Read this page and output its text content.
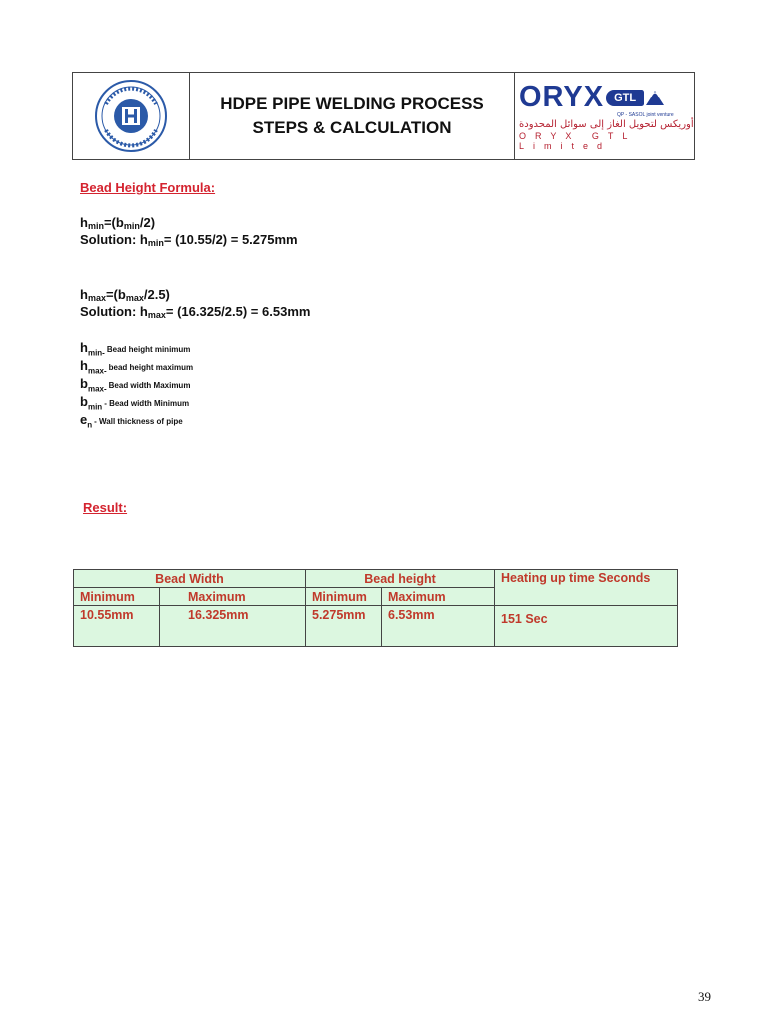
HDPE PIPE WELDING PROCESS
STEPS & CALCULATION
ORYX GTL
QP - SASOL joint venture
أوريكس لتحويل الغاز إلى سوائل المحدودة
ORYX GTL Limited
Bead Height Formula:
$h_{min}=(b_{min}/2)$
Solution: $h_{min}= (10.55/2) = 5.275mm$
$h_{max}=(b_{max}/2.5)$
Solution: $h_{max}= (16.325/2.5) = 6.53mm$
$h_{min-}$ Bead height minimum
$h_{max-}$ bead height maximum
$b_{max-}$ Bead width Maximum
$b_{min}$ - Bead width Minimum
$e_n$ - Wall thickness of pipe
Result:
Bead Width		Bead height		Heating up time Seconds
Minimum	Maximum	Minimum	Maximum	
10.55mm	16.325mm	5.275mm	6.53mm	151 Sec
39
